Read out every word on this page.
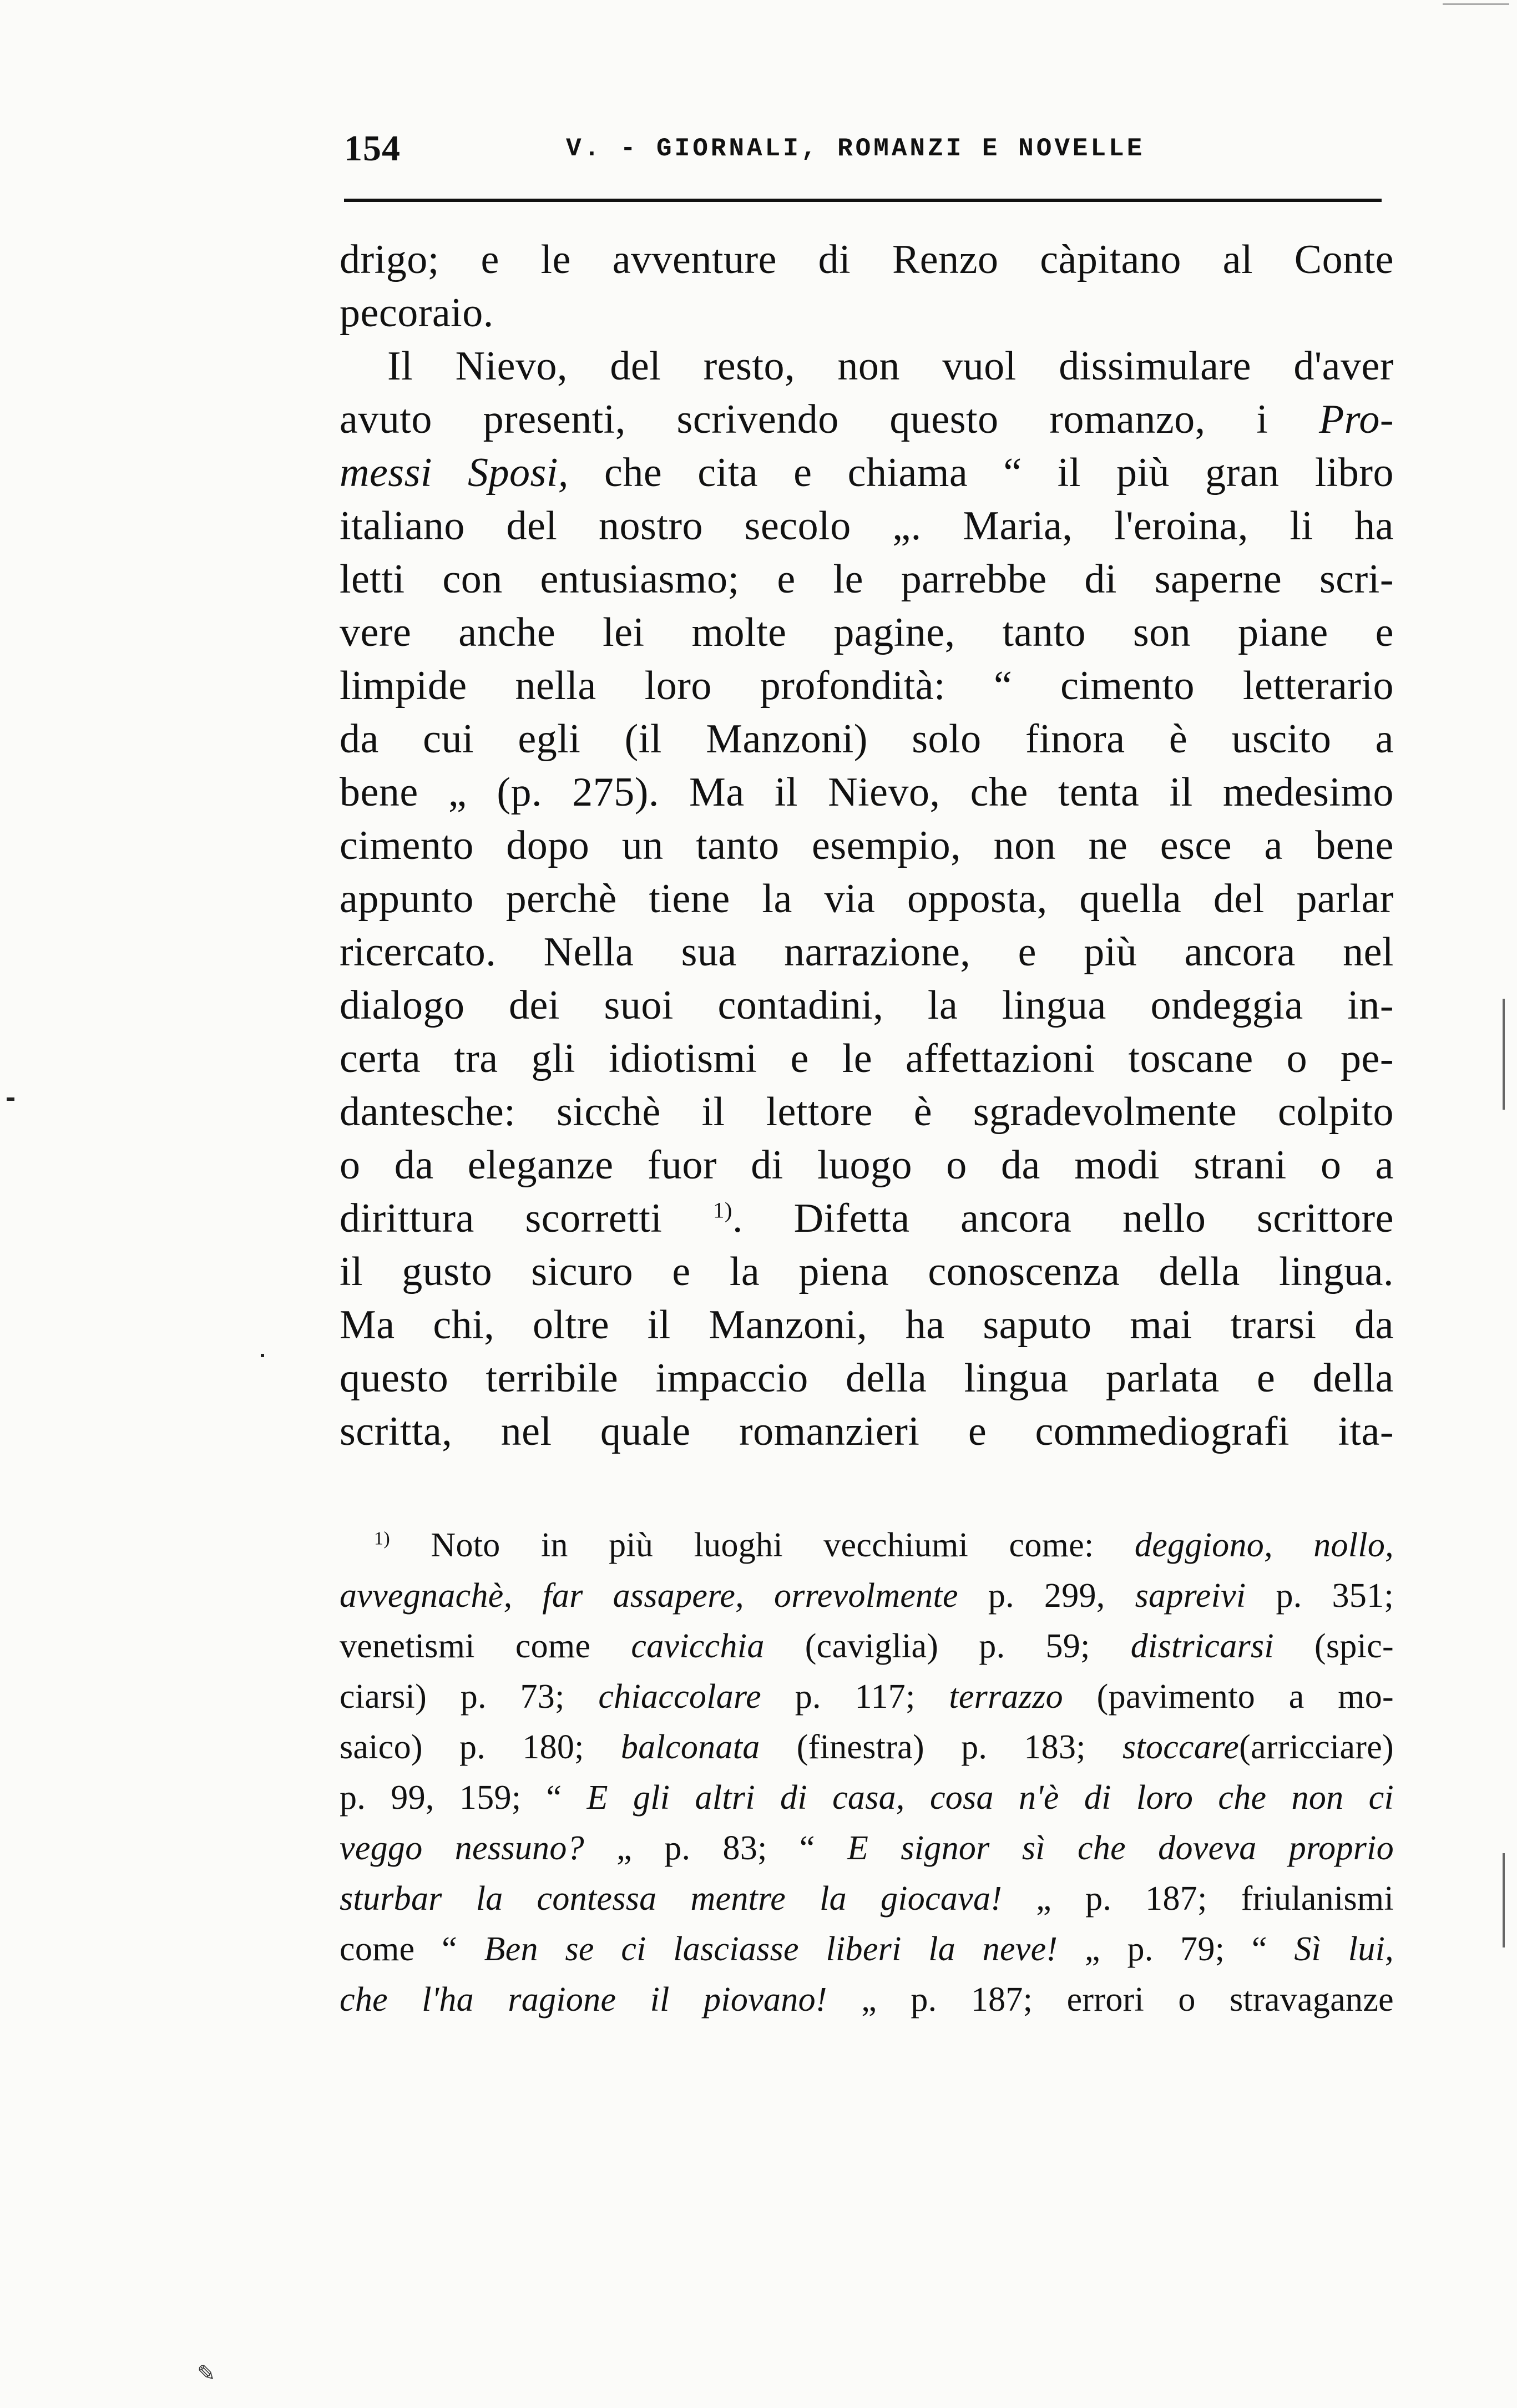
154	V. - GIORNALI, ROMANZI E NOVELLE
drigo; e le avventure di Renzo càpitano al Conte
pecoraio.
Il Nievo, del resto, non vuol dissimulare d'aver
avuto presenti, scrivendo questo romanzo, i Pro-
messi Sposi, che cita e chiama “ il più gran libro
italiano del nostro secolo „. Maria, l'eroina, li ha
letti con entusiasmo; e le parrebbe di saperne scri-
vere anche lei molte pagine, tanto son piane e
limpide nella loro profondità: “ cimento letterario
da cui egli (il Manzoni) solo finora è uscito a
bene „ (p. 275). Ma il Nievo, che tenta il medesimo
cimento dopo un tanto esempio, non ne esce a bene
appunto perchè tiene la via opposta, quella del parlar
ricercato. Nella sua narrazione, e più ancora nel
dialogo dei suoi contadini, la lingua ondeggia in-
certa tra gli idiotismi e le affettazioni toscane o pe-
dantesche: sicchè il lettore è sgradevolmente colpito
o da eleganze fuor di luogo o da modi strani o a
dirittura scorretti $^{1)}$. Difetta ancora nello scrittore
il gusto sicuro e la piena conoscenza della lingua.
Ma chi, oltre il Manzoni, ha saputo mai trarsi da
questo terribile impaccio della lingua parlata e della
scritta, nel quale romanzieri e commediografi ita-
$^{1)}$ Noto in più luoghi vecchiumi come: deggiono, nollo,
avvegnachè, far assapere, orrevolmente p. 299, sapreivi p. 351;
venetismi come cavicchia (caviglia) p. 59; districarsi (spic-
ciarsi) p. 73; chiaccolare p. 117; terrazzo (pavimento a mo-
saico) p. 180; balconata (finestra) p. 183; stoccare(arricciare)
p. 99, 159; “ E gli altri di casa, cosa n'è di loro che non ci
veggo nessuno? „ p. 83; “ E signor sì che doveva proprio
sturbar la contessa mentre la giocava! „ p. 187; friulanismi
come “ Ben se ci lasciasse liberi la neve! „ p. 79; “ Sì lui,
che l'ha ragione il piovano! „ p. 187; errori o stravaganze
✎
